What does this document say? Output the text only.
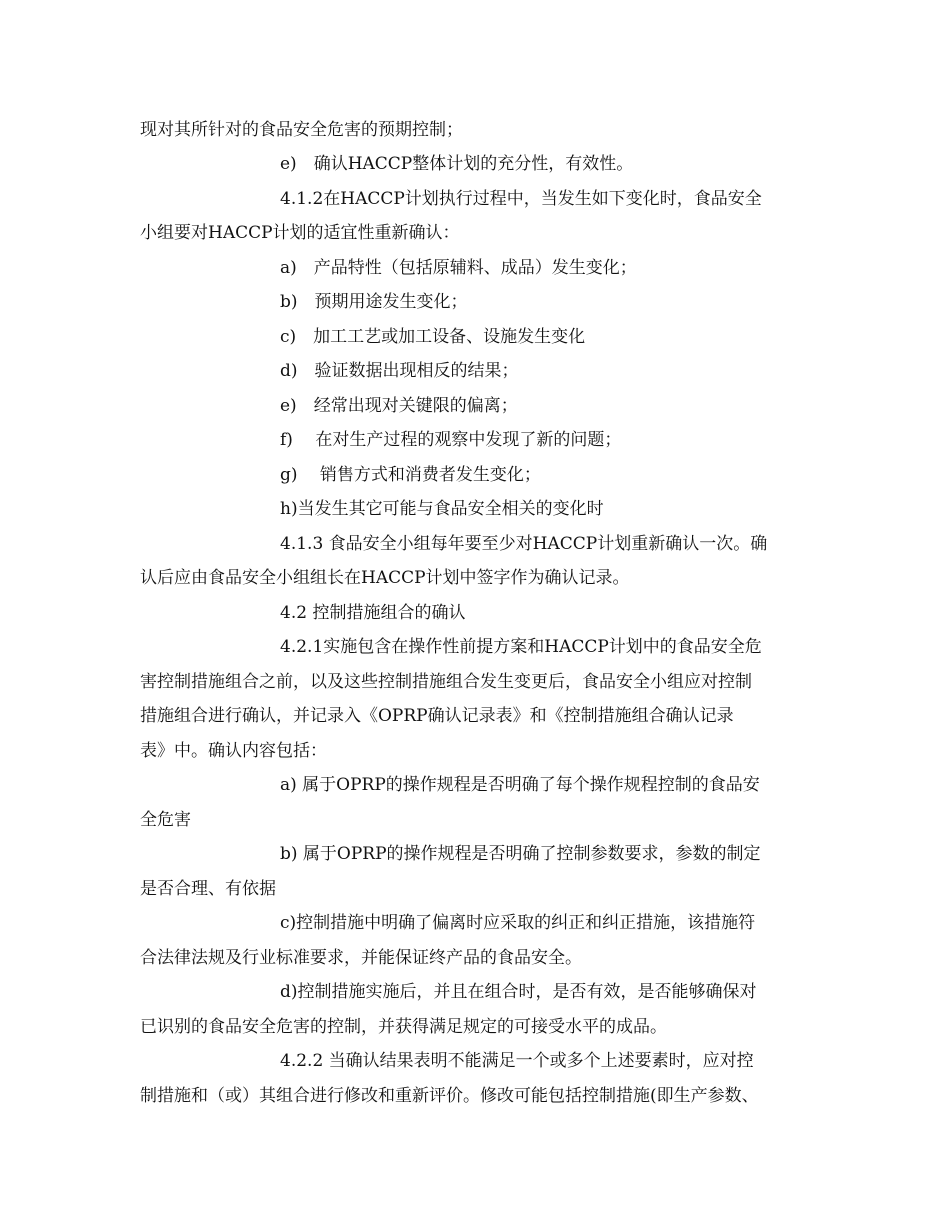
现对其所针对的食品安全危害的预期控制；

e)　确认HACCP整体计划的充分性，有效性。

4.1.2在HACCP计划执行过程中，当发生如下变化时，食品安全

小组要对HACCP计划的适宜性重新确认：

a)　产品特性（包括原辅料、成品）发生变化；

b)　预期用途发生变化；

c)　加工工艺或加工设备、设施发生变化

d)　验证数据出现相反的结果；

e)　经常出现对关键限的偏离；

f)　 在对生产过程的观察中发现了新的问题；

g)　 销售方式和消费者发生变化；

h)当发生其它可能与食品安全相关的变化时

4.1.3 食品安全小组每年要至少对HACCP计划重新确认一次。确

认后应由食品安全小组组长在HACCP计划中签字作为确认记录。

4.2 控制措施组合的确认

4.2.1实施包含在操作性前提方案和HACCP计划中的食品安全危

害控制措施组合之前，以及这些控制措施组合发生变更后，食品安全小组应对控制

措施组合进行确认，并记录入《OPRP确认记录表》和《控制措施组合确认记录

表》中。确认内容包括：

a) 属于OPRP的操作规程是否明确了每个操作规程控制的食品安

全危害

b) 属于OPRP的操作规程是否明确了控制参数要求，参数的制定

是否合理、有依据

c)控制措施中明确了偏离时应采取的纠正和纠正措施，该措施符

合法律法规及行业标准要求，并能保证终产品的食品安全。

d)控制措施实施后，并且在组合时，是否有效，是否能够确保对

已识别的食品安全危害的控制，并获得满足规定的可接受水平的成品。

4.2.2 当确认结果表明不能满足一个或多个上述要素时，应对控

制措施和（或）其组合进行修改和重新评价。修改可能包括控制措施(即生产参数、
